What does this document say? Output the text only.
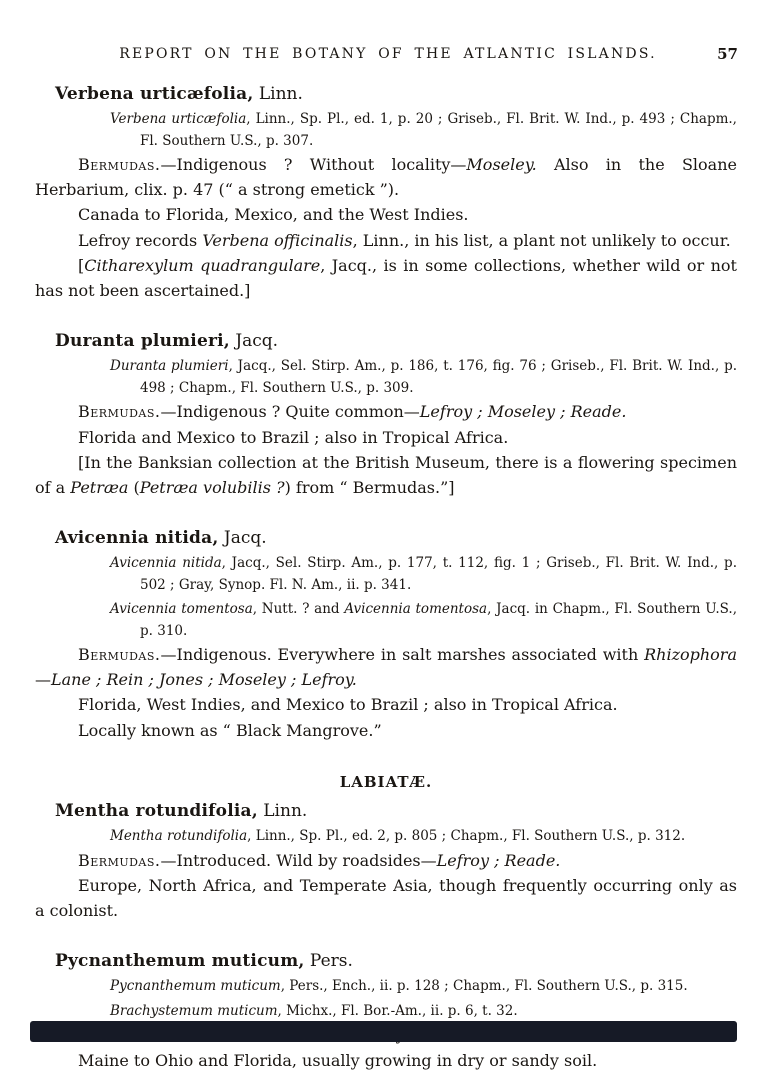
REPORT ON THE BOTANY OF THE ATLANTIC ISLANDS.	57
Verbena urticæfolia, Linn.
Verbena urticæfolia, Linn., Sp. Pl., ed. 1, p. 20 ; Griseb., Fl. Brit. W. Ind., p. 493 ; Chapm., Fl. Southern U.S., p. 307.
Bermudas.—Indigenous ? Without locality—Moseley. Also in the Sloane Herbarium, clix. p. 47 (“ a strong emetick ”).
Canada to Florida, Mexico, and the West Indies.
Lefroy records Verbena officinalis, Linn., in his list, a plant not unlikely to occur.
[Citharexylum quadrangulare, Jacq., is in some collections, whether wild or not has not been ascertained.]
Duranta plumieri, Jacq.
Duranta plumieri, Jacq., Sel. Stirp. Am., p. 186, t. 176, fig. 76 ; Griseb., Fl. Brit. W. Ind., p. 498 ; Chapm., Fl. Southern U.S., p. 309.
Bermudas.—Indigenous ? Quite common—Lefroy ; Moseley ; Reade.
Florida and Mexico to Brazil ; also in Tropical Africa.
[In the Banksian collection at the British Museum, there is a flowering specimen of a Petræa (Petræa volubilis ?) from “ Bermudas.”]
Avicennia nitida, Jacq.
Avicennia nitida, Jacq., Sel. Stirp. Am., p. 177, t. 112, fig. 1 ; Griseb., Fl. Brit. W. Ind., p. 502 ; Gray, Synop. Fl. N. Am., ii. p. 341.
Avicennia tomentosa, Nutt. ? and Avicennia tomentosa, Jacq. in Chapm., Fl. Southern U.S., p. 310.
Bermudas.—Indigenous. Everywhere in salt marshes associated with Rhizophora—Lane ; Rein ; Jones ; Moseley ; Lefroy.
Florida, West Indies, and Mexico to Brazil ; also in Tropical Africa.
Locally known as “ Black Mangrove.”
LABIATÆ.
Mentha rotundifolia, Linn.
Mentha rotundifolia, Linn., Sp. Pl., ed. 2, p. 805 ; Chapm., Fl. Southern U.S., p. 312.
Bermudas.—Introduced. Wild by roadsides—Lefroy ; Reade.
Europe, North Africa, and Temperate Asia, though frequently occurring only as a colonist.
Pycnanthemum muticum, Pers.
Pycnanthemum muticum, Pers., Ench., ii. p. 128 ; Chapm., Fl. Southern U.S., p. 315.
Brachystemum muticum, Michx., Fl. Bor.-Am., ii. p. 6, t. 32.
Maine to Ohio and Florida, usually growing in dry or sandy soil.
